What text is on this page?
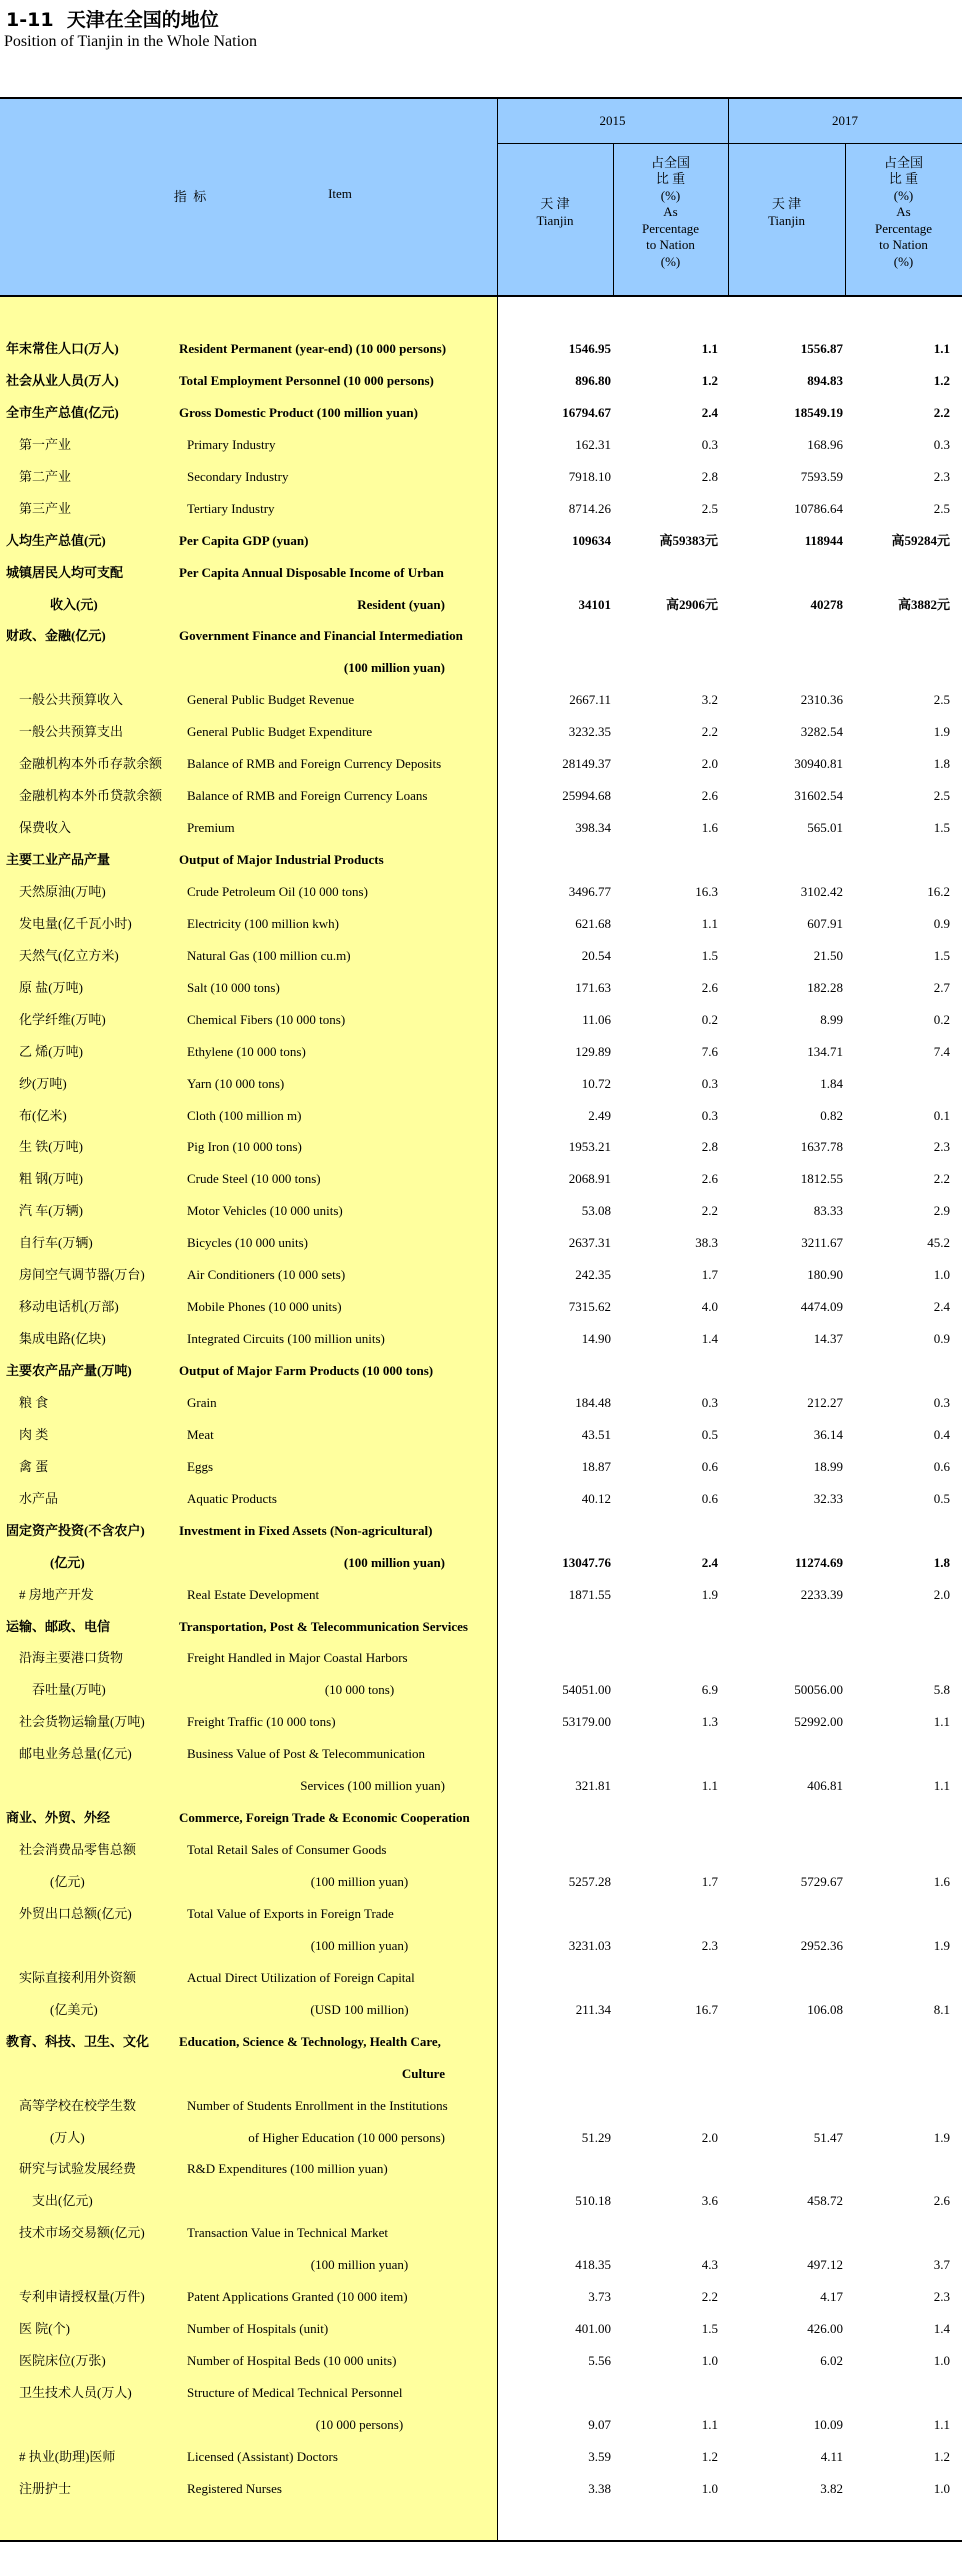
1-11  天津在全国的地位
Position of Tianjin in the Whole Nation
指  标	Item
2015	2017
天 津
Tianjin
占全国
比 重
(%)
As
Percentage
to Nation
(%)
天 津
Tianjin
占全国
比 重
(%)
As
Percentage
to Nation
(%)
年末常住人口(万人)	Resident Permanent (year-end) (10 000 persons)	1546.95	1.1	1556.87	1.1
社会从业人员(万人)	Total Employment Personnel (10 000 persons)	896.80	1.2	894.83	1.2
全市生产总值(亿元)	Gross Domestic Product (100 million yuan)	16794.67	2.4	18549.19	2.2
第一产业	Primary Industry	162.31	0.3	168.96	0.3
第二产业	Secondary Industry	7918.10	2.8	7593.59	2.3
第三产业	Tertiary Industry	8714.26	2.5	10786.64	2.5
人均生产总值(元)	Per Capita GDP (yuan)	109634	高59383元	118944	高59284元
城镇居民人均可支配	Per Capita Annual Disposable Income of Urban
收入(元)	Resident (yuan)	34101	高2906元	40278	高3882元
财政、金融(亿元)	Government Finance and Financial Intermediation
(100 million yuan)
一般公共预算收入	General Public Budget Revenue	2667.11	3.2	2310.36	2.5
一般公共预算支出	General Public Budget Expenditure	3232.35	2.2	3282.54	1.9
金融机构本外币存款余额 Balance of RMB and Foreign Currency Deposits	28149.37	2.0	30940.81	1.8
金融机构本外币贷款余额 Balance of RMB and Foreign Currency Loans	25994.68	2.6	31602.54	2.5
保费收入	Premium	398.34	1.6	565.01	1.5
主要工业产品产量	Output of Major Industrial Products
天然原油(万吨)	Crude Petroleum Oil (10 000 tons)	3496.77	16.3	3102.42	16.2
发电量(亿千瓦小时)	Electricity (100 million kwh)	621.68	1.1	607.91	0.9
天然气(亿立方米)	Natural Gas (100 million cu.m)	20.54	1.5	21.50	1.5
原 盐(万吨)	Salt (10 000 tons)	171.63	2.6	182.28	2.7
化学纤维(万吨)	Chemical Fibers (10 000 tons)	11.06	0.2	8.99	0.2
乙 烯(万吨)	Ethylene (10 000 tons)	129.89	7.6	134.71	7.4
纱(万吨)	Yarn (10 000 tons)	10.72	0.3	1.84
布(亿米)	Cloth (100 million m)	2.49	0.3	0.82	0.1
生 铁(万吨)	Pig Iron (10 000 tons)	1953.21	2.8	1637.78	2.3
粗 钢(万吨)	Crude Steel (10 000 tons)	2068.91	2.6	1812.55	2.2
汽 车(万辆)	Motor Vehicles (10 000 units)	53.08	2.2	83.33	2.9
自行车(万辆)	Bicycles (10 000 units)	2637.31	38.3	3211.67	45.2
房间空气调节器(万台)	Air Conditioners (10 000 sets)	242.35	1.7	180.90	1.0
移动电话机(万部)	Mobile Phones (10 000 units)	7315.62	4.0	4474.09	2.4
集成电路(亿块)	Integrated Circuits (100 million units)	14.90	1.4	14.37	0.9
主要农产品产量(万吨)	Output of Major Farm Products (10 000 tons)
粮 食	Grain	184.48	0.3	212.27	0.3
肉 类	Meat	43.51	0.5	36.14	0.4
禽 蛋	Eggs	18.87	0.6	18.99	0.6
水产品	Aquatic Products	40.12	0.6	32.33	0.5
固定资产投资(不含农户)	Investment in Fixed Assets (Non-agricultural)
(亿元)	(100 million yuan)	13047.76	2.4	11274.69	1.8
# 房地产开发	Real Estate Development	1871.55	1.9	2233.39	2.0
运输、邮政、电信	Transportation, Post & Telecommunication Services
沿海主要港口货物	Freight Handled in Major Coastal Harbors
吞吐量(万吨)	(10 000 tons)	54051.00	6.9	50056.00	5.8
社会货物运输量(万吨)	Freight Traffic (10 000 tons)	53179.00	1.3	52992.00	1.1
邮电业务总量(亿元)	Business Value of Post & Telecommunication
Services (100 million yuan)	321.81	1.1	406.81	1.1
商业、外贸、外经	Commerce, Foreign Trade & Economic Cooperation
社会消费品零售总额	Total Retail Sales of Consumer Goods
(亿元)	(100 million yuan)	5257.28	1.7	5729.67	1.6
外贸出口总额(亿元)	Total Value of Exports in Foreign Trade
(100 million yuan)	3231.03	2.3	2952.36	1.9
实际直接利用外资额	Actual Direct Utilization of Foreign Capital
(亿美元)	(USD 100 million)	211.34	16.7	106.08	8.1
教育、科技、卫生、文化 Education, Science & Technology, Health Care,
Culture
高等学校在校学生数	Number of Students Enrollment in the Institutions
(万人)	of Higher Education (10 000 persons)	51.29	2.0	51.47	1.9
研究与试验发展经费	R&D Expenditures (100 million yuan)
支出(亿元)	510.18	3.6	458.72	2.6
技术市场交易额(亿元)	Transaction Value in Technical Market
(100 million yuan)	418.35	4.3	497.12	3.7
专利申请授权量(万件)	Patent Applications Granted (10 000 item)	3.73	2.2	4.17	2.3
医 院(个)	Number of Hospitals (unit)	401.00	1.5	426.00	1.4
医院床位(万张)	Number of Hospital Beds (10 000 units)	5.56	1.0	6.02	1.0
卫生技术人员(万人)	Structure of Medical Technical Personnel
(10 000 persons)	9.07	1.1	10.09	1.1
# 执业(助理)医师	Licensed (Assistant) Doctors	3.59	1.2	4.11	1.2
注册护士	Registered Nurses	3.38	1.0	3.82	1.0
